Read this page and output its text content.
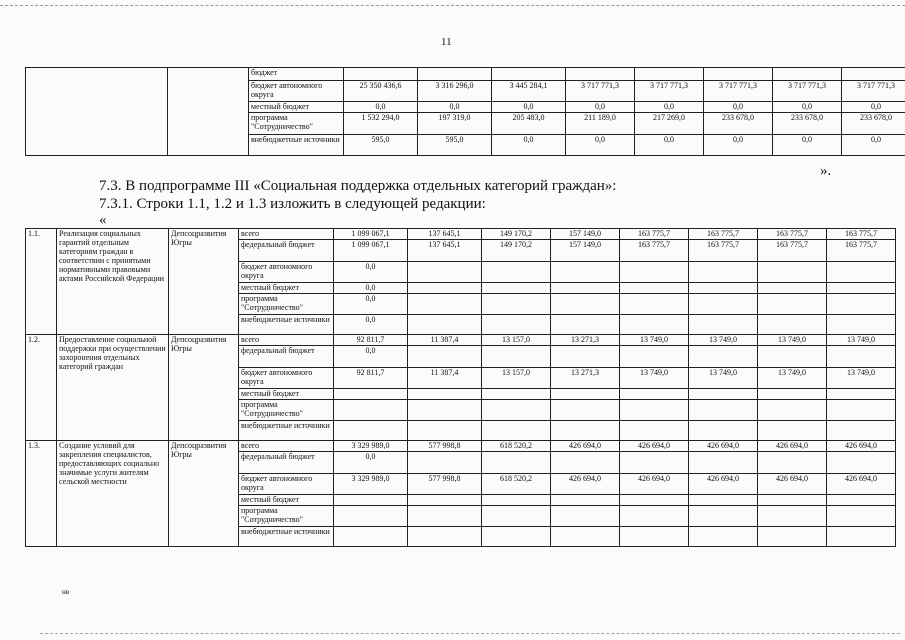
11
		бюджет								
		бюджет автономного округа	25 350 436,6	3 316 296,0	3 445 284,1	3 717 771,3	3 717 771,3	3 717 771,3	3 717 771,3	3 717 771,3
		местный бюджет	0,0	0,0	0,0	0,0	0,0	0,0	0,0	0,0
		программа "Сотрудничество"	1 532 294,0	197 319,0	205 483,0	211 189,0	217 269,0	233 678,0	233 678,0	233 678,0
		внебюджетные источники	595,0	595,0	0,0	0,0	0,0	0,0	0,0	0,0
».
7.3. В подпрограмме III «Социальная поддержка отдельных категорий граждан»:
7.3.1. Строки 1.1, 1.2 и 1.3 изложить в следующей редакции:
«
1.1.	Реализация социальных гарантий отдельным категориям граждан в соответствии с принятыми нормативными правовыми актами Российской Федерации	Депсоцразвития Югры	всего	1 099 067,1	137 645,1	149 170,2	157 149,0	163 775,7	163 775,7	163 775,7	163 775,7
			федеральный бюджет	1 099 067,1	137 645,1	149 170,2	157 149,0	163 775,7	163 775,7	163 775,7	163 775,7
			бюджет автономного округа	0,0							
			местный бюджет	0,0							
			программа "Сотрудничество"	0,0							
			внебюджетные источники	0,0							
1.2.	Предоставление социальной поддержки при осуществлении захоронения отдельных категорий граждан	Депсоцразвития Югры	всего	92 811,7	11 387,4	13 157,0	13 271,3	13 749,0	13 749,0	13 749,0	13 749,0
			федеральный бюджет	0,0							
			бюджет автономного округа	92 811,7	11 387,4	13 157,0	13 271,3	13 749,0	13 749,0	13 749,0	13 749,0
			местный бюджет								
			программа "Сотрудничество"								
			внебюджетные источники								
1.3.	Создание условий для закрепления специалистов, предоставляющих социально значимые услуги жителям сельской местности	Депсоцразвития Югры	всего	3 329 989,0	577 998,8	618 520,2	426 694,0	426 694,0	426 694,0	426 694,0	426 694,0
			федеральный бюджет	0,0							
			бюджет автономного округа	3 329 989,0	577 998,8	618 520,2	426 694,0	426 694,0	426 694,0	426 694,0	426 694,0
			местный бюджет								
			программа "Сотрудничество"								
			внебюджетные источники								
нв
